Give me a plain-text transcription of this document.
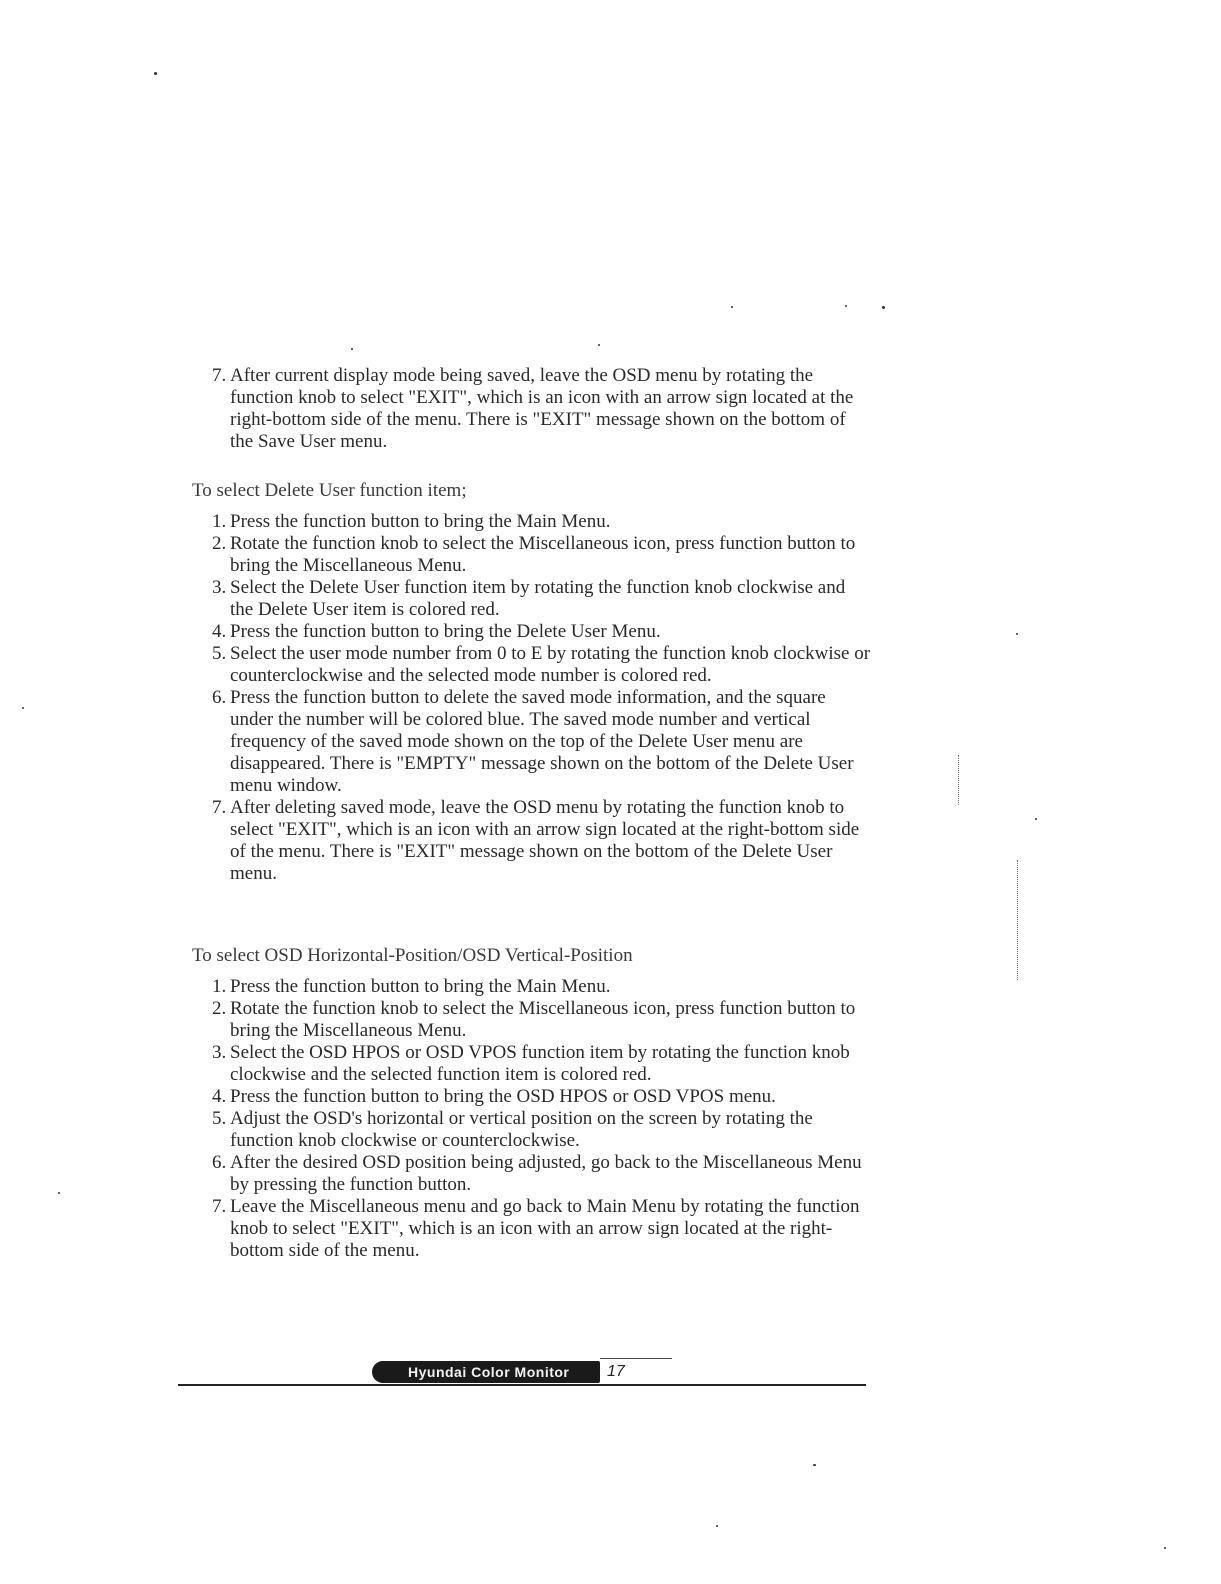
7. After current display mode being saved, leave the OSD menu by rotating the function knob to select "EXIT", which is an icon with an arrow sign located at the right-bottom side of the menu. There is "EXIT" message shown on the bottom of the Save User menu.
To select Delete User function item;
1. Press the function button to bring the Main Menu.
2. Rotate the function knob to select the Miscellaneous icon, press function button to bring the Miscellaneous Menu.
3. Select the Delete User function item by rotating the function knob clockwise and the Delete User item is colored red.
4. Press the function button to bring the Delete User Menu.
5. Select the user mode number from 0 to E by rotating the function knob clockwise or counterclockwise and the selected mode number is colored red.
6. Press the function button to delete the saved mode information, and the square under the number will be colored blue. The saved mode number and vertical frequency of the saved mode shown on the top of the Delete User menu are disappeared. There is "EMPTY" message shown on the bottom of the Delete User menu window.
7. After deleting saved mode, leave the OSD menu by rotating the function knob to select "EXIT", which is an icon with an arrow sign located at the right-bottom side of the menu. There is "EXIT" message shown on the bottom of the Delete User menu.
To select OSD Horizontal-Position/OSD Vertical-Position
1. Press the function button to bring the Main Menu.
2. Rotate the function knob to select the Miscellaneous icon, press function button to bring the Miscellaneous Menu.
3. Select the OSD HPOS or OSD VPOS function item by rotating the function knob clockwise and the selected function item is colored red.
4. Press the function button to bring the OSD HPOS or OSD VPOS menu.
5. Adjust the OSD's horizontal or vertical position on the screen by rotating the function knob clockwise or counterclockwise.
6. After the desired OSD position being adjusted, go back to the Miscellaneous Menu by pressing the function button.
7. Leave the Miscellaneous menu and go back to Main Menu by rotating the function knob to select "EXIT", which is an icon with an arrow sign located at the right-bottom side of the menu.
Hyundai Color Monitor	17
